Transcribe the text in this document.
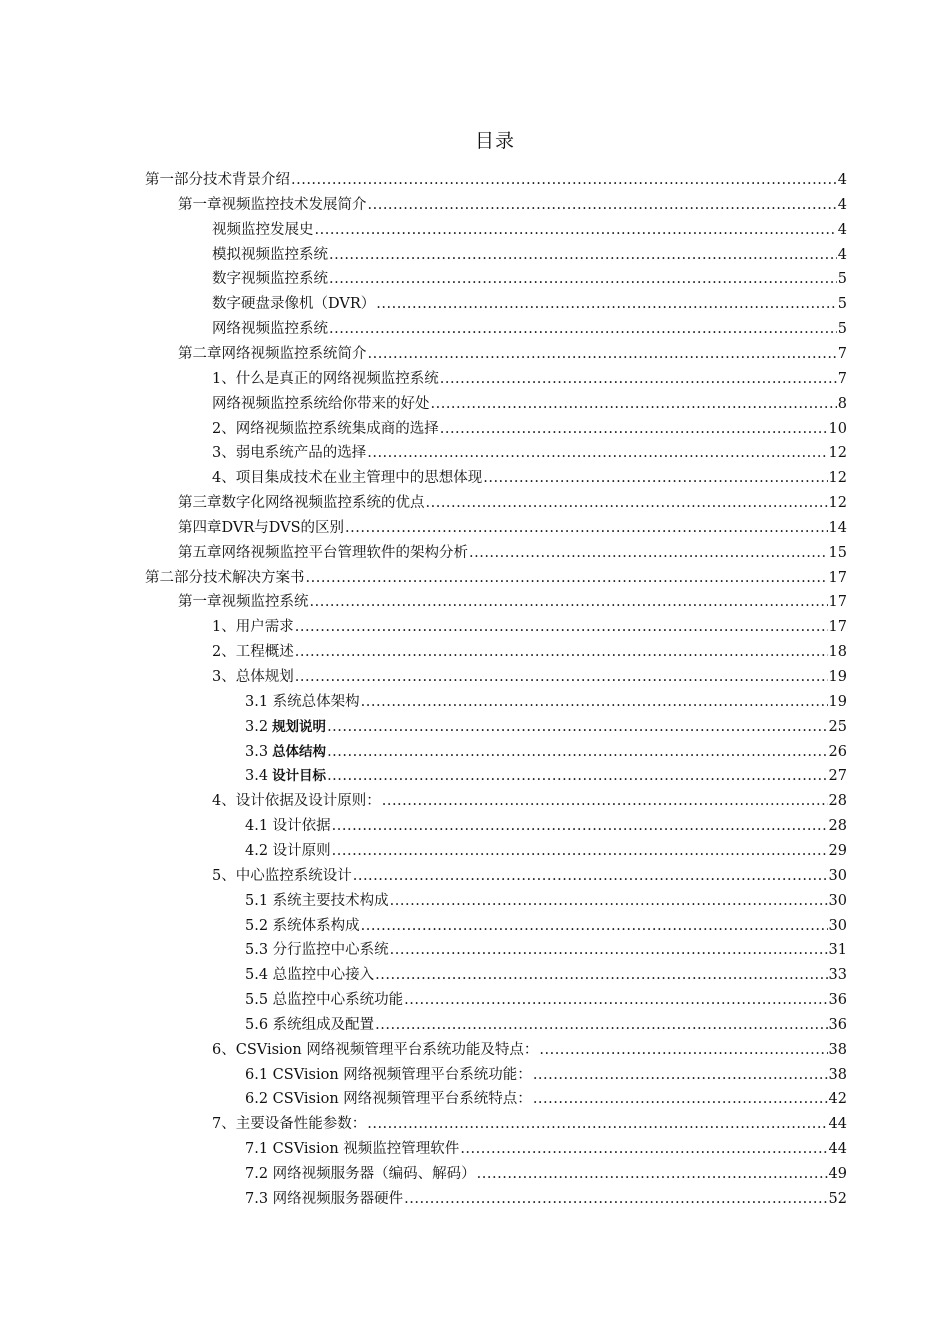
目录
第一部分 技术背景介绍 .....	4
第一章 视频监控技术发展简介 .....	4
视频监控发展史 .....	4
模拟视频监控系统 .....	4
数字视频监控系统 .....	5
数字硬盘录像机（DVR） .....	5
网络视频监控系统 .....	5
第二章 网络视频监控系统简介 .....	7
1、 什么是真正的网络视频监控系统 .....	7
网络视频监控系统给你带来的好处 .....	8
2、 网络视频监控系统集成商的选择 .....	10
3、 弱电系统产品的选择 .....	12
4、 项目集成技术在业主管理中的思想体现 .....	12
第三章 数字化网络视频监控系统的优点 .....	12
第四章 DVR与DVS的区别 .....	14
第五章 网络视频监控平台管理软件的架构分析 .....	15
第二部分 技术解决方案书 .....	17
第一章 视频监控系统 .....	17
1、用户需求 .....	17
2、工程概述 .....	18
3、总体规划 .....	19
3.1 系统总体架构 .....	19
3.2 规划说明 .....	25
3.3 总体结构 .....	26
3.4 设计目标 .....	27
4、设计依据及设计原则： .....	28
4.1 设计依据 .....	28
4.2 设计原则 .....	29
5、中心监控系统设计 .....	30
5.1 系统主要技术构成 .....	30
5.2 系统体系构成 .....	30
5.3 分行监控中心系统 .....	31
5.4 总监控中心接入 .....	33
5.5 总监控中心系统功能 .....	36
5.6 系统组成及配置 .....	36
6、CSVision 网络视频管理平台系统功能及特点： .....	38
6.1 CSVision 网络视频管理平台系统功能： .....	38
6.2 CSVision 网络视频管理平台系统特点： .....	42
7、主要设备性能参数： .....	44
7.1 CSVision 视频监控管理软件 .....	44
7.2 网络视频服务器（编码、解码） .....	49
7.3 网络视频服务器硬件 .....	52
